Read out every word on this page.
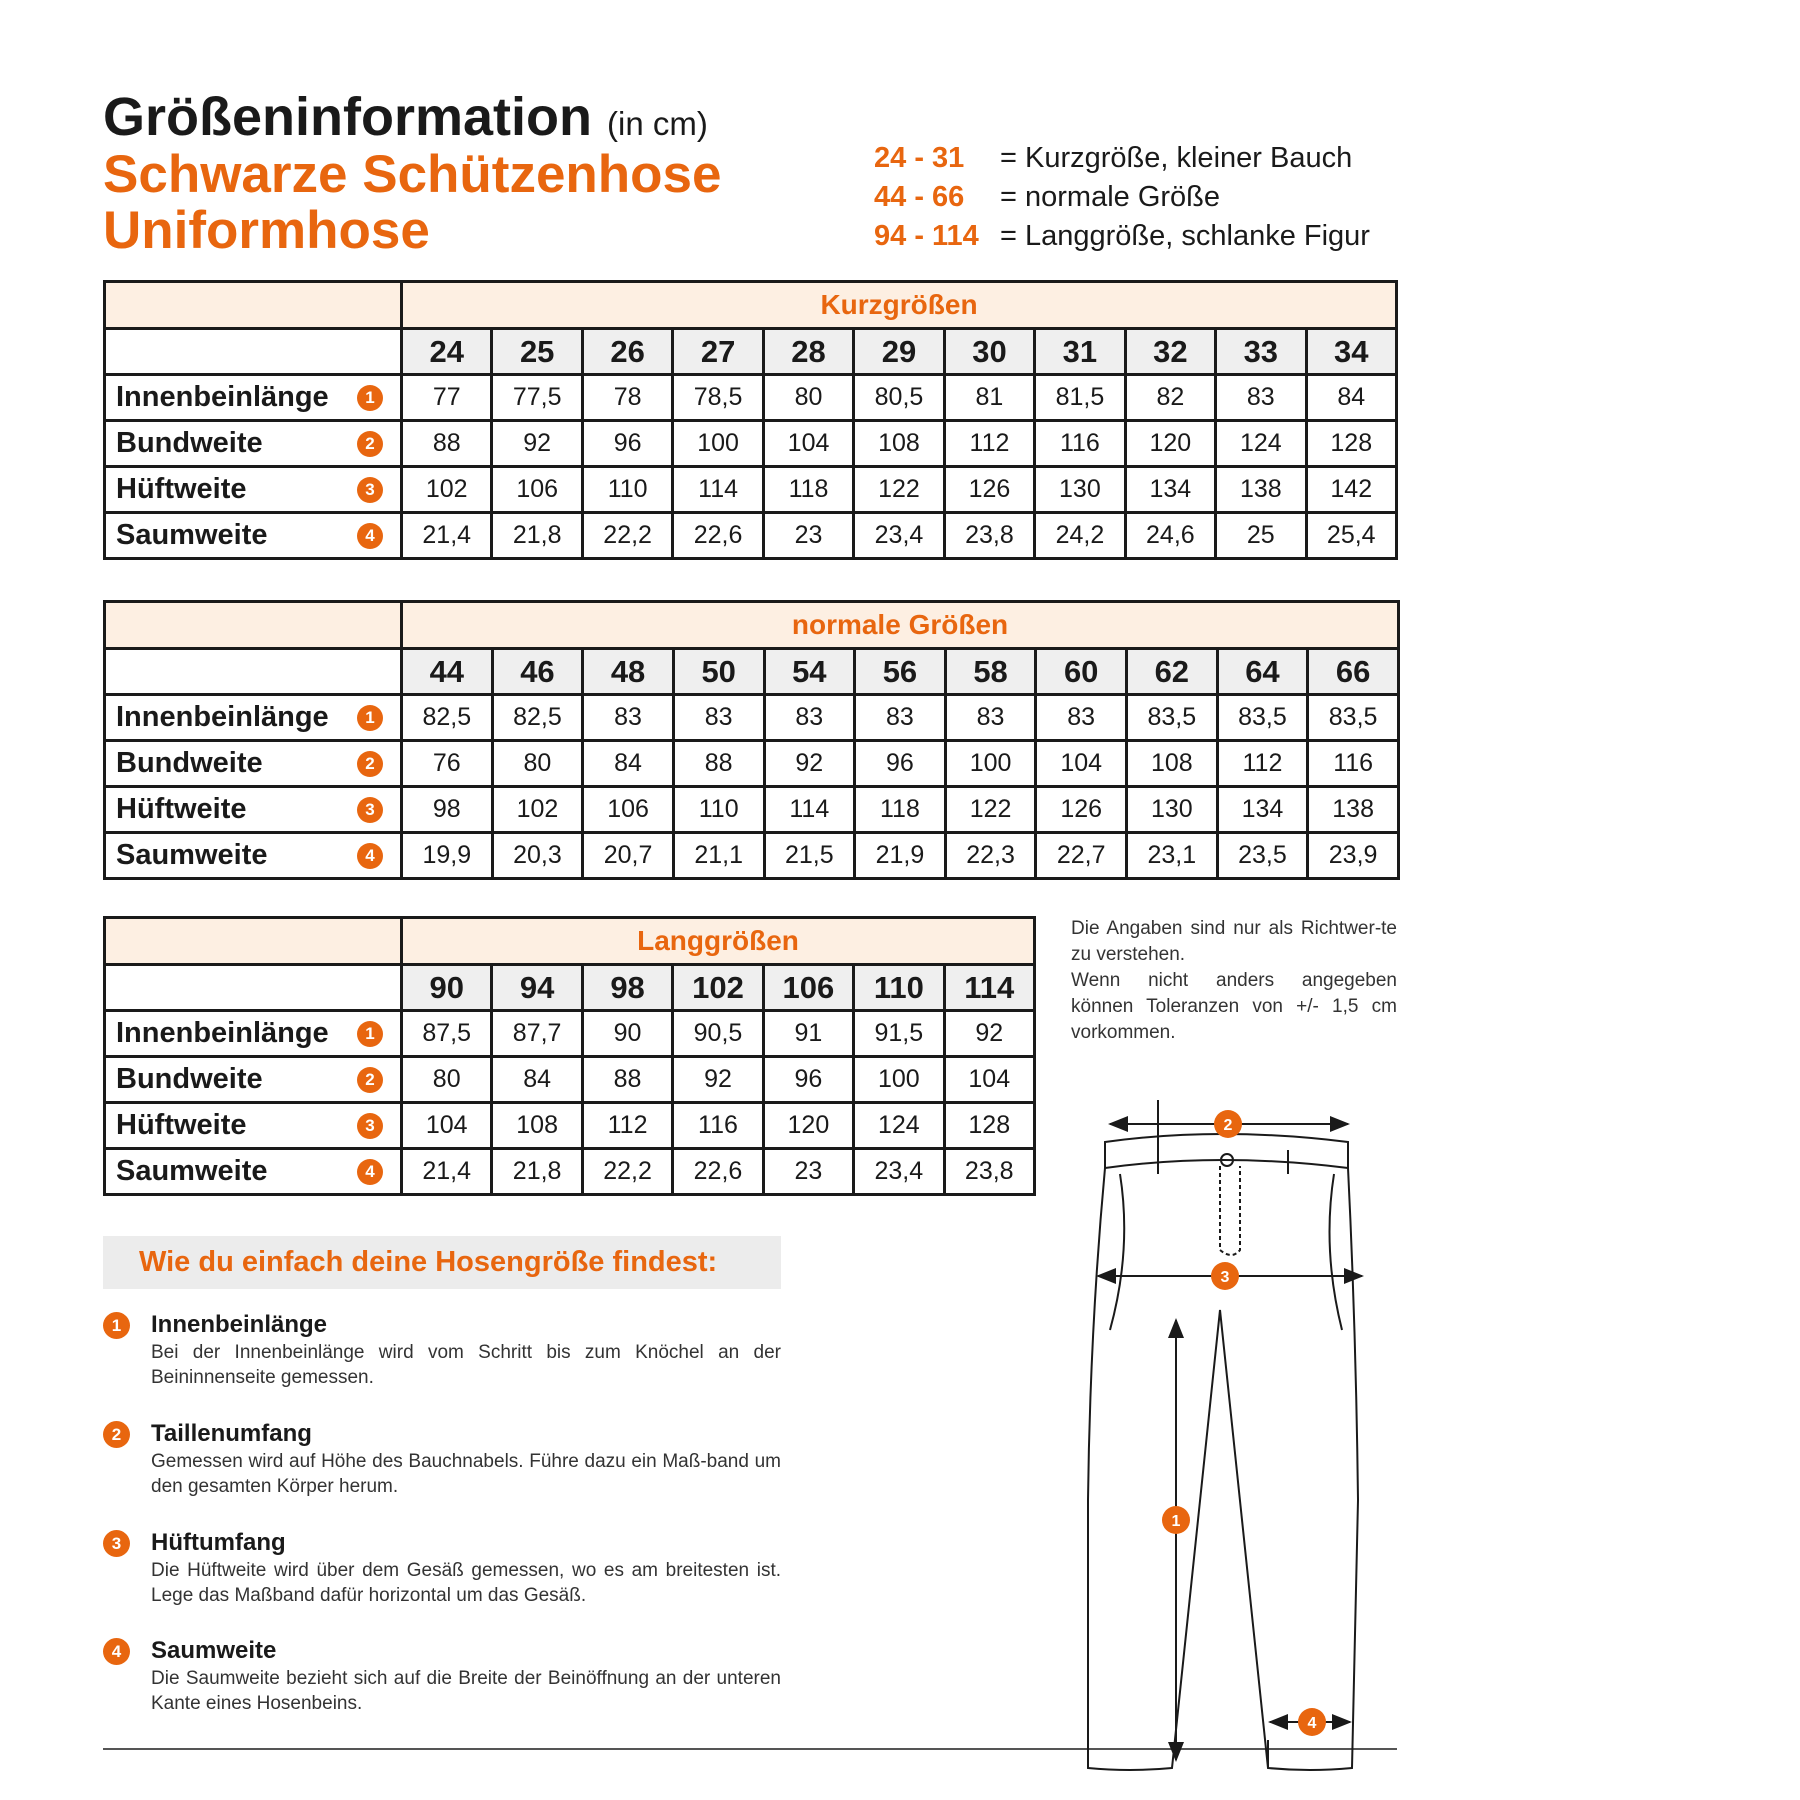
Größeninformation (in cm)
Schwarze Schützenhose
Uniformhose
24 - 31	= Kurzgröße, kleiner Bauch
44 - 66	= normale Größe
94 - 114 = Langgröße, schlanke Figur
	Kurzgrößen										
	24	25	26	27	28	29	30	31	32	33	34
Innenbeinlänge 1	77	77,5	78	78,5	80	80,5	81	81,5	82	83	84
Bundweite 2	88	92	96	100	104	108	112	116	120	124	128
Hüftweite 3	102	106	110	114	118	122	126	130	134	138	142
Saumweite 4	21,4	21,8	22,2	22,6	23	23,4	23,8	24,2	24,6	25	25,4
	normale Größen										
	44	46	48	50	54	56	58	60	62	64	66
Innenbeinlänge 1	82,5	82,5	83	83	83	83	83	83	83,5	83,5	83,5
Bundweite 2	76	80	84	88	92	96	100	104	108	112	116
Hüftweite 3	98	102	106	110	114	118	122	126	130	134	138
Saumweite 4	19,9	20,3	20,7	21,1	21,5	21,9	22,3	22,7	23,1	23,5	23,9
	Langgrößen						
	90	94	98	102	106	110	114
Innenbeinlänge 1	87,5	87,7	90	90,5	91	91,5	92
Bundweite 2	80	84	88	92	96	100	104
Hüftweite 3	104	108	112	116	120	124	128
Saumweite 4	21,4	21,8	22,2	22,6	23	23,4	23,8
Die Angaben sind nur als Richtwer-te zu verstehen.
Wenn nicht anders angegeben können Toleranzen von +/- 1,5 cm vorkommen.
Wie du einfach deine Hosengröße findest:
1	Innenbeinlänge
Bei der Innenbeinlänge wird vom Schritt bis zum Knöchel an der Beininnenseite gemessen.
2	Taillenumfang
Gemessen wird auf Höhe des Bauchnabels. Führe dazu ein Maß-band um den gesamten Körper herum.
3	Hüftumfang
Die Hüftweite wird über dem Gesäß gemessen, wo es am breitesten ist. Lege das Maßband dafür horizontal um das Gesäß.
4	Saumweite
Die Saumweite bezieht sich auf die Breite der Beinöffnung an der unteren Kante eines Hosenbeins.
2
3
1
4
